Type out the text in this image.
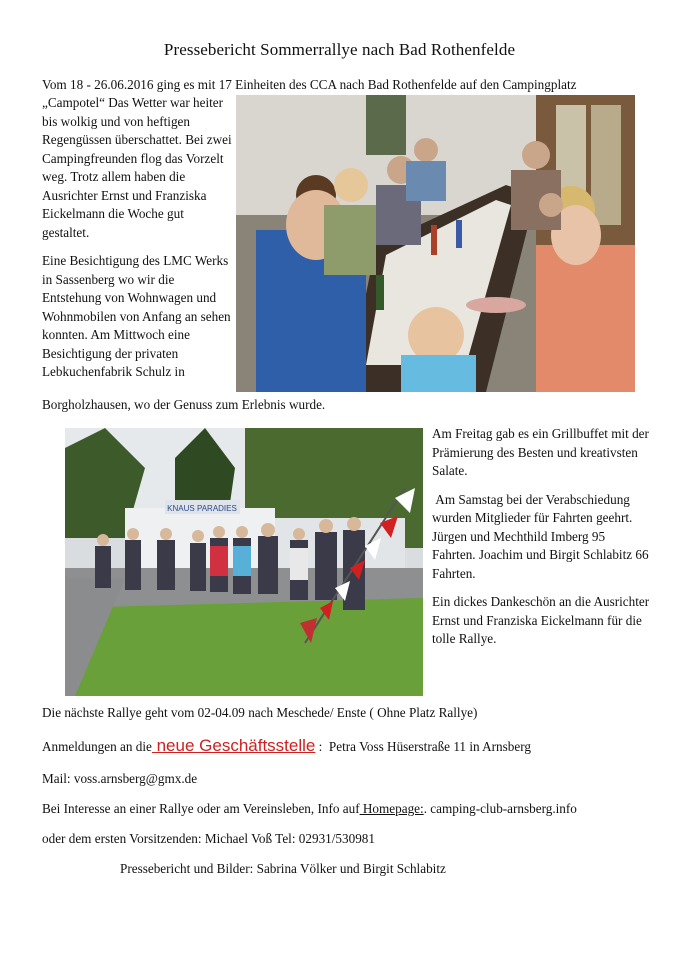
Pressebericht Sommerrallye nach Bad Rothenfelde
Vom 18 - 26.06.2016 ging es mit 17 Einheiten des CCA nach Bad Rothenfelde auf den Campingplatz

„Campotel“ Das Wetter war heiter bis wolkig und von heftigen Regengüssen überschattet. Bei zwei Campingfreunden flog das Vorzelt weg. Trotz allem haben die Ausrichter Ernst und Franziska Eickelmann die Woche gut gestaltet.

Eine Besichtigung des LMC Werks in Sassenberg wo wir die Entstehung von Wohnwagen und Wohnmobilen von Anfang an sehen konnten. Am Mittwoch eine Besichtigung der privaten Lebkuchenfabrik Schulz in

Borgholzhausen, wo der Genuss zum Erlebnis wurde.
KNAUS PARADIES

Am Freitag gab es ein Grillbuffet mit der Prämierung des Besten und kreativsten Salate.

Am Samstag bei der Verabschiedung wurden Mitglieder für Fahrten geehrt. Jürgen und Mechthild Imberg 95 Fahrten. Joachim und Birgit Schlabitz 66 Fahrten.

Ein dickes Dankeschön an die Ausrichter Ernst und Franziska Eickelmann für die tolle Rallye.

Die nächste Rallye geht vom 02-04.09 nach Meschede/ Enste ( Ohne Platz Rallye)
Anmeldungen an die neue Geschäftsstelle :  Petra Voss Hüserstraße 11 in Arnsberg
Mail: voss.arnsberg@gmx.de
Bei Interesse an einer Rallye oder am Vereinsleben, Info auf Homepage:. camping-club-arnsberg.info
oder dem ersten Vorsitzenden: Michael Voß Tel: 02931/530981
Pressebericht und Bilder: Sabrina Völker und Birgit Schlabitz
